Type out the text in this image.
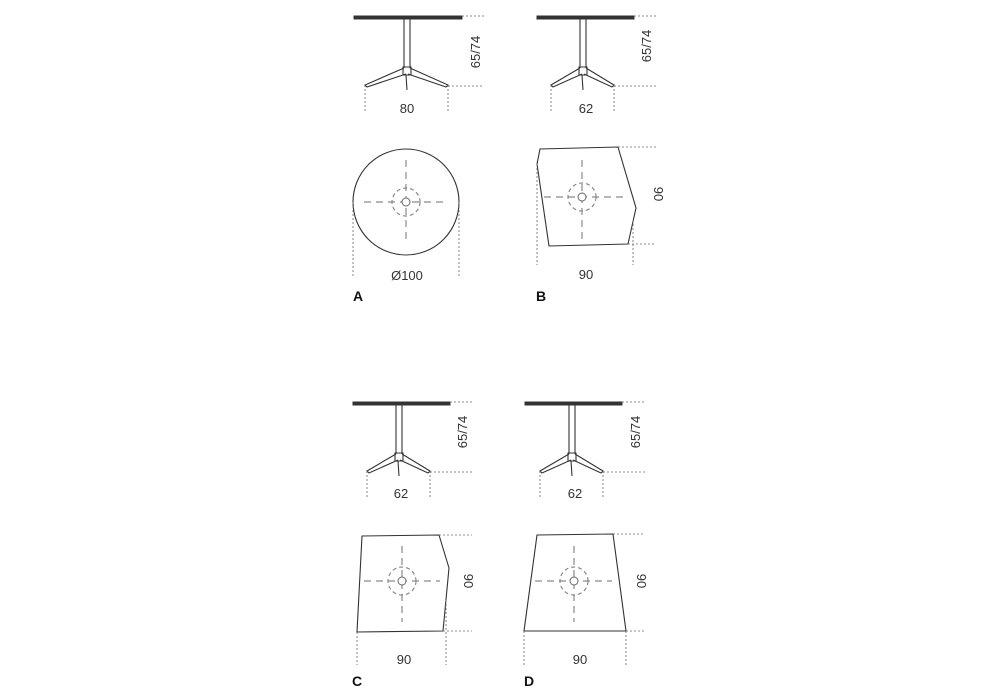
65/74
80
Ø100
A
65/74
62
90
90
B
65/74
62
90
90
C
65/74
62
90
90
D
